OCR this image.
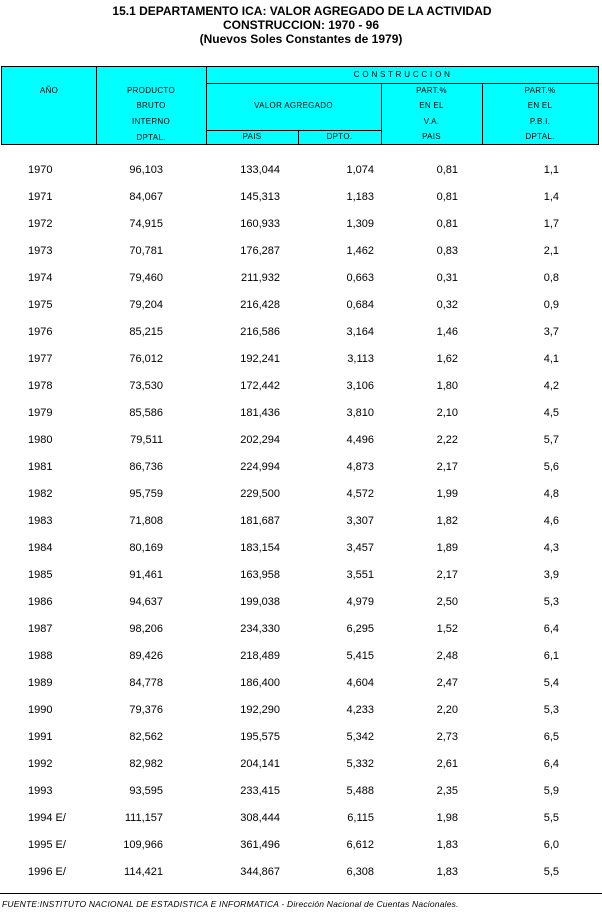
15.1 DEPARTAMENTO ICA: VALOR AGREGADO DE LA ACTIVIDAD
CONSTRUCCION: 1970 - 96
(Nuevos Soles Constantes de 1979)
AÑO	PRODUCTO
BRUTO
INTERNO
DPTAL.
C O N S T R U C C I O N
VALOR AGREGADO
PAIS	DPTO.
PART.%
EN EL
V.A.
PAIS
PART.%
EN EL
P.B.I.
DPTAL.
1970	96,103	133,044	1,074	0,81	1,1
1971	84,067	145,313	1,183	0,81	1,4
1972	74,915	160,933	1,309	0,81	1,7
1973	70,781	176,287	1,462	0,83	2,1
1974	79,460	211,932	0,663	0,31	0,8
1975	79,204	216,428	0,684	0,32	0,9
1976	85,215	216,586	3,164	1,46	3,7
1977	76,012	192,241	3,113	1,62	4,1
1978	73,530	172,442	3,106	1,80	4,2
1979	85,586	181,436	3,810	2,10	4,5
1980	79,511	202,294	4,496	2,22	5,7
1981	86,736	224,994	4,873	2,17	5,6
1982	95,759	229,500	4,572	1,99	4,8
1983	71,808	181,687	3,307	1,82	4,6
1984	80,169	183,154	3,457	1,89	4,3
1985	91,461	163,958	3,551	2,17	3,9
1986	94,637	199,038	4,979	2,50	5,3
1987	98,206	234,330	6,295	1,52	6,4
1988	89,426	218,489	5,415	2,48	6,1
1989	84,778	186,400	4,604	2,47	5,4
1990	79,376	192,290	4,233	2,20	5,3
1991	82,562	195,575	5,342	2,73	6,5
1992	82,982	204,141	5,332	2,61	6,4
1993	93,595	233,415	5,488	2,35	5,9
1994 E/	111,157	308,444	6,115	1,98	5,5
1995 E/	109,966	361,496	6,612	1,83	6,0
1996 E/	114,421	344,867	6,308	1,83	5,5
FUENTE:INSTITUTO NACIONAL DE ESTADISTICA E INFORMATICA - Dirección Nacional de Cuentas Nacionales.
